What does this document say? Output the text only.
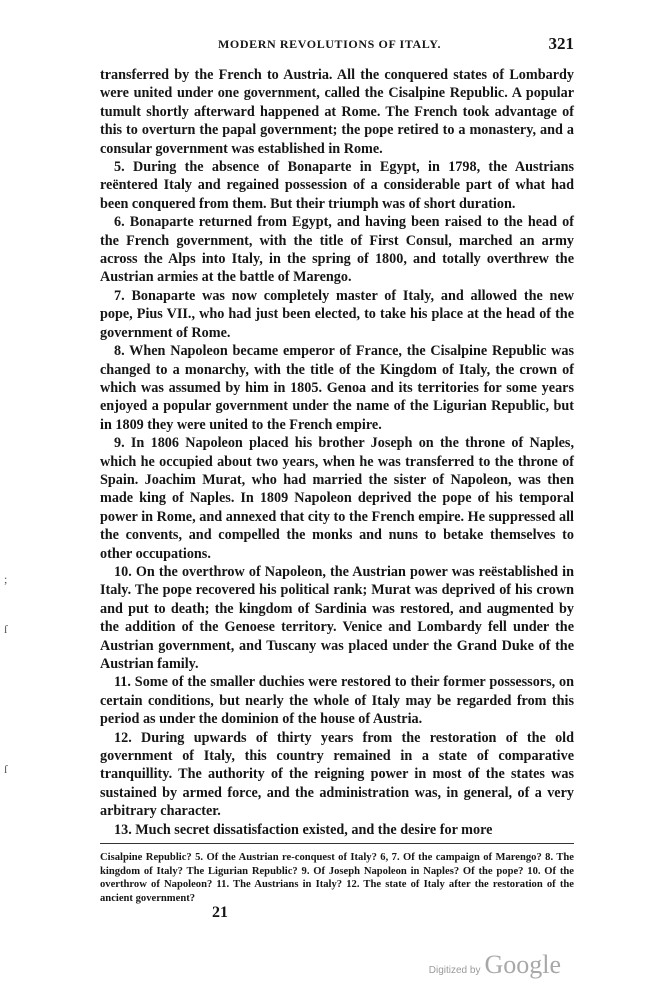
MODERN REVOLUTIONS OF ITALY.	321

transferred by the French to Austria. All the conquered states of Lombardy were united under one government, called the Cisalpine Republic. A popular tumult shortly afterward happened at Rome. The French took advantage of this to overturn the papal government; the pope retired to a monastery, and a consular government was established in Rome.

5. During the absence of Bonaparte in Egypt, in 1798, the Austrians reëntered Italy and regained possession of a considerable part of what had been conquered from them. But their triumph was of short duration.

6. Bonaparte returned from Egypt, and having been raised to the head of the French government, with the title of First Consul, marched an army across the Alps into Italy, in the spring of 1800, and totally overthrew the Austrian armies at the battle of Marengo.

7. Bonaparte was now completely master of Italy, and allowed the new pope, Pius VII., who had just been elected, to take his place at the head of the government of Rome.

8. When Napoleon became emperor of France, the Cisalpine Republic was changed to a monarchy, with the title of the Kingdom of Italy, the crown of which was assumed by him in 1805. Genoa and its territories for some years enjoyed a popular government under the name of the Ligurian Republic, but in 1809 they were united to the French empire.

9. In 1806 Napoleon placed his brother Joseph on the throne of Naples, which he occupied about two years, when he was transferred to the throne of Spain. Joachim Murat, who had married the sister of Napoleon, was then made king of Naples. In 1809 Napoleon deprived the pope of his temporal power in Rome, and annexed that city to the French empire. He suppressed all the convents, and compelled the monks and nuns to betake themselves to other occupations.

10. On the overthrow of Napoleon, the Austrian power was reëstablished in Italy. The pope recovered his political rank; Murat was deprived of his crown and put to death; the kingdom of Sardinia was restored, and augmented by the addition of the Genoese territory. Venice and Lombardy fell under the Austrian government, and Tuscany was placed under the Grand Duke of the Austrian family.

11. Some of the smaller duchies were restored to their former possessors, on certain conditions, but nearly the whole of Italy may be regarded from this period as under the dominion of the house of Austria.

12. During upwards of thirty years from the restoration of the old government of Italy, this country remained in a state of comparative tranquillity. The authority of the reigning power in most of the states was sustained by armed force, and the administration was, in general, of a very arbitrary character.

13. Much secret dissatisfaction existed, and the desire for more

Cisalpine Republic? 5. Of the Austrian re-conquest of Italy? 6, 7. Of the campaign of Marengo? 8. The kingdom of Italy? The Ligurian Republic? 9. Of Joseph Napoleon in Naples? Of the pope? 10. Of the overthrow of Napoleon? 11. The Austrians in Italy? 12. The state of Italy after the restoration of the ancient government?
21
;
ſ
ſ
Digitized by Google
